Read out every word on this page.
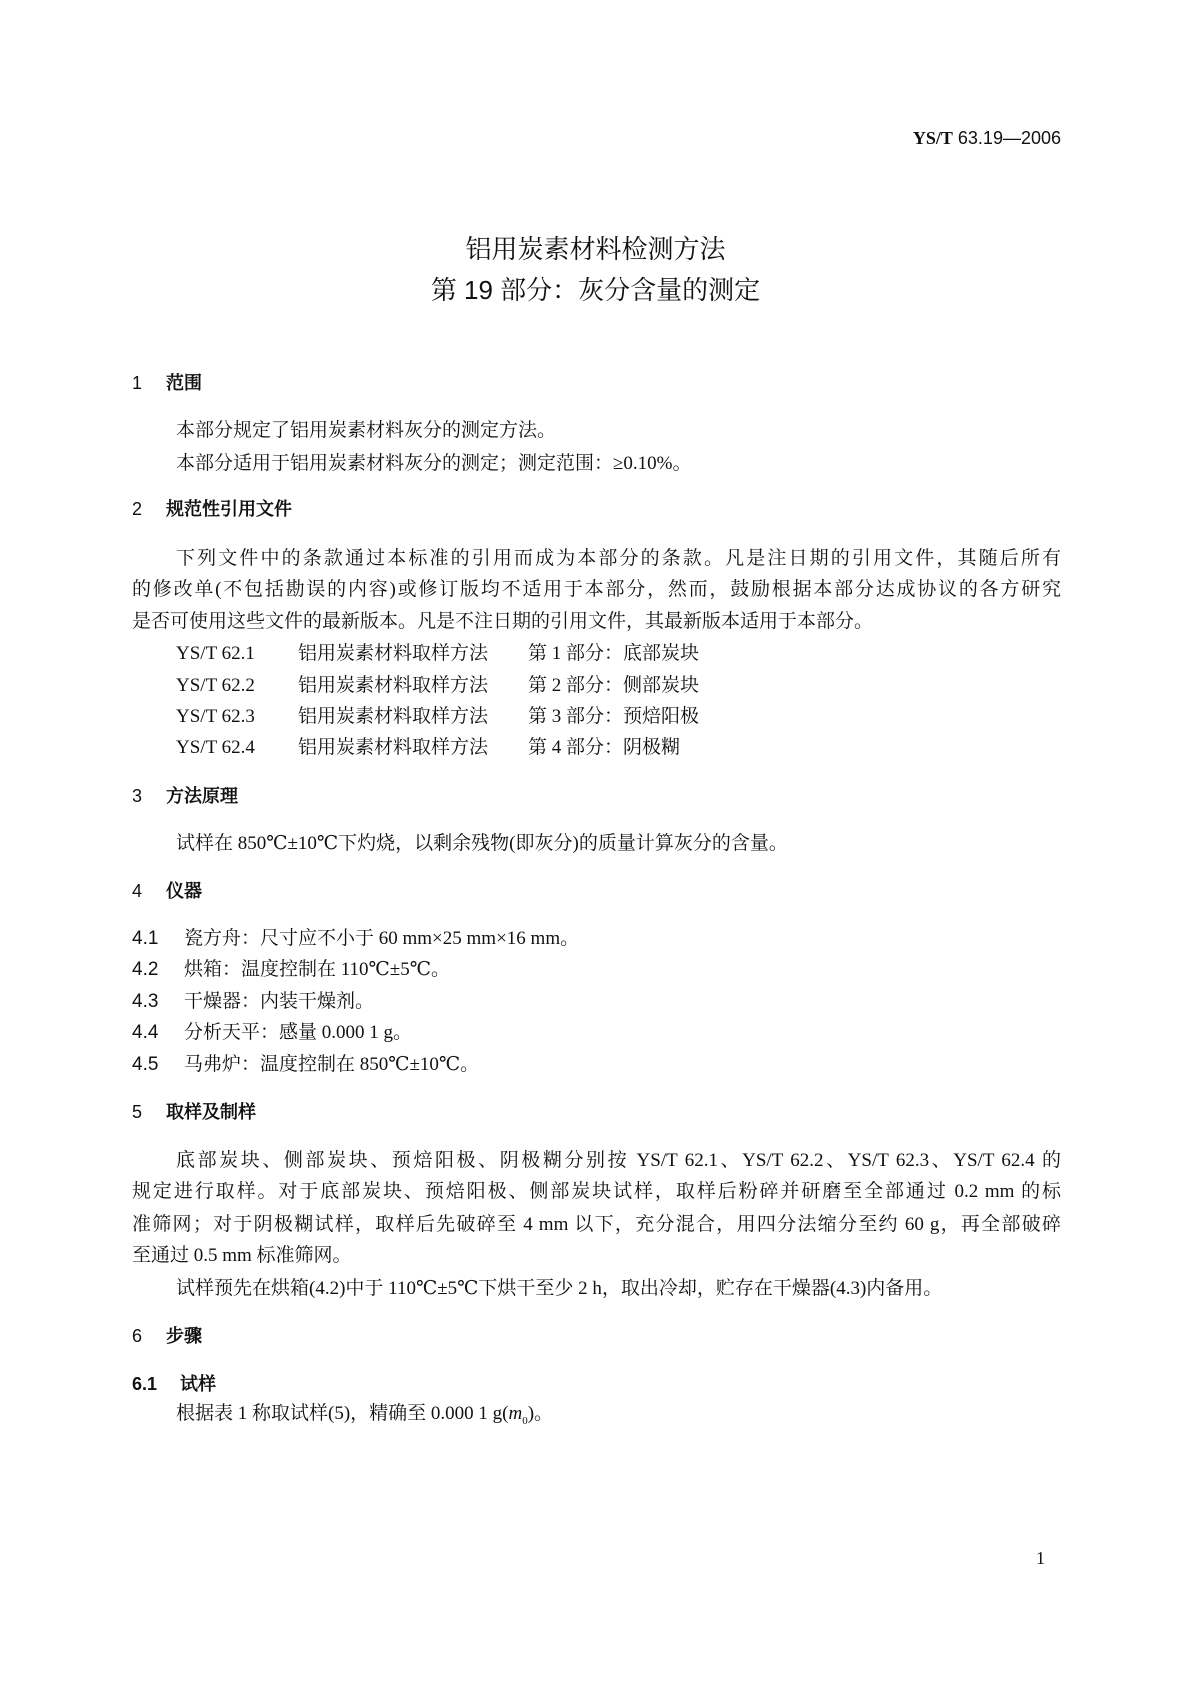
YS/T 63.19—2006
铝用炭素材料检测方法
第 19 部分：灰分含量的测定
1 范围
本部分规定了铝用炭素材料灰分的测定方法。
本部分适用于铝用炭素材料灰分的测定；测定范围：≥0.10%。
2 规范性引用文件
下列文件中的条款通过本标准的引用而成为本部分的条款。凡是注日期的引用文件，其随后所有
的修改单(不包括勘误的内容)或修订版均不适用于本部分，然而，鼓励根据本部分达成协议的各方研究
是否可使用这些文件的最新版本。凡是不注日期的引用文件，其最新版本适用于本部分。
YS/T 62.1 铝用炭素材料取样方法 第 1 部分：底部炭块
YS/T 62.2 铝用炭素材料取样方法 第 2 部分：侧部炭块
YS/T 62.3 铝用炭素材料取样方法 第 3 部分：预焙阳极
YS/T 62.4 铝用炭素材料取样方法 第 4 部分：阴极糊
3 方法原理
试样在 850℃±10℃下灼烧，以剩余残物(即灰分)的质量计算灰分的含量。
4 仪器
4.1 瓷方舟：尺寸应不小于 60 mm×25 mm×16 mm。
4.2 烘箱：温度控制在 110℃±5℃。
4.3 干燥器：内装干燥剂。
4.4 分析天平：感量 0.000 1 g。
4.5 马弗炉：温度控制在 850℃±10℃。
5 取样及制样
底部炭块、侧部炭块、预焙阳极、阴极糊分别按 YS/T 62.1、YS/T 62.2、YS/T 62.3、YS/T 62.4 的
规定进行取样。对于底部炭块、预焙阳极、侧部炭块试样，取样后粉碎并研磨至全部通过 0.2 mm 的标
准筛网；对于阴极糊试样，取样后先破碎至 4 mm 以下，充分混合，用四分法缩分至约 60 g，再全部破碎
至通过 0.5 mm 标准筛网。
试样预先在烘箱(4.2)中于 110℃±5℃下烘干至少 2 h，取出冷却，贮存在干燥器(4.3)内备用。
6 步骤
6.1 试样
根据表 1 称取试样(5)，精确至 0.000 1 $g(m_0)$。
1
